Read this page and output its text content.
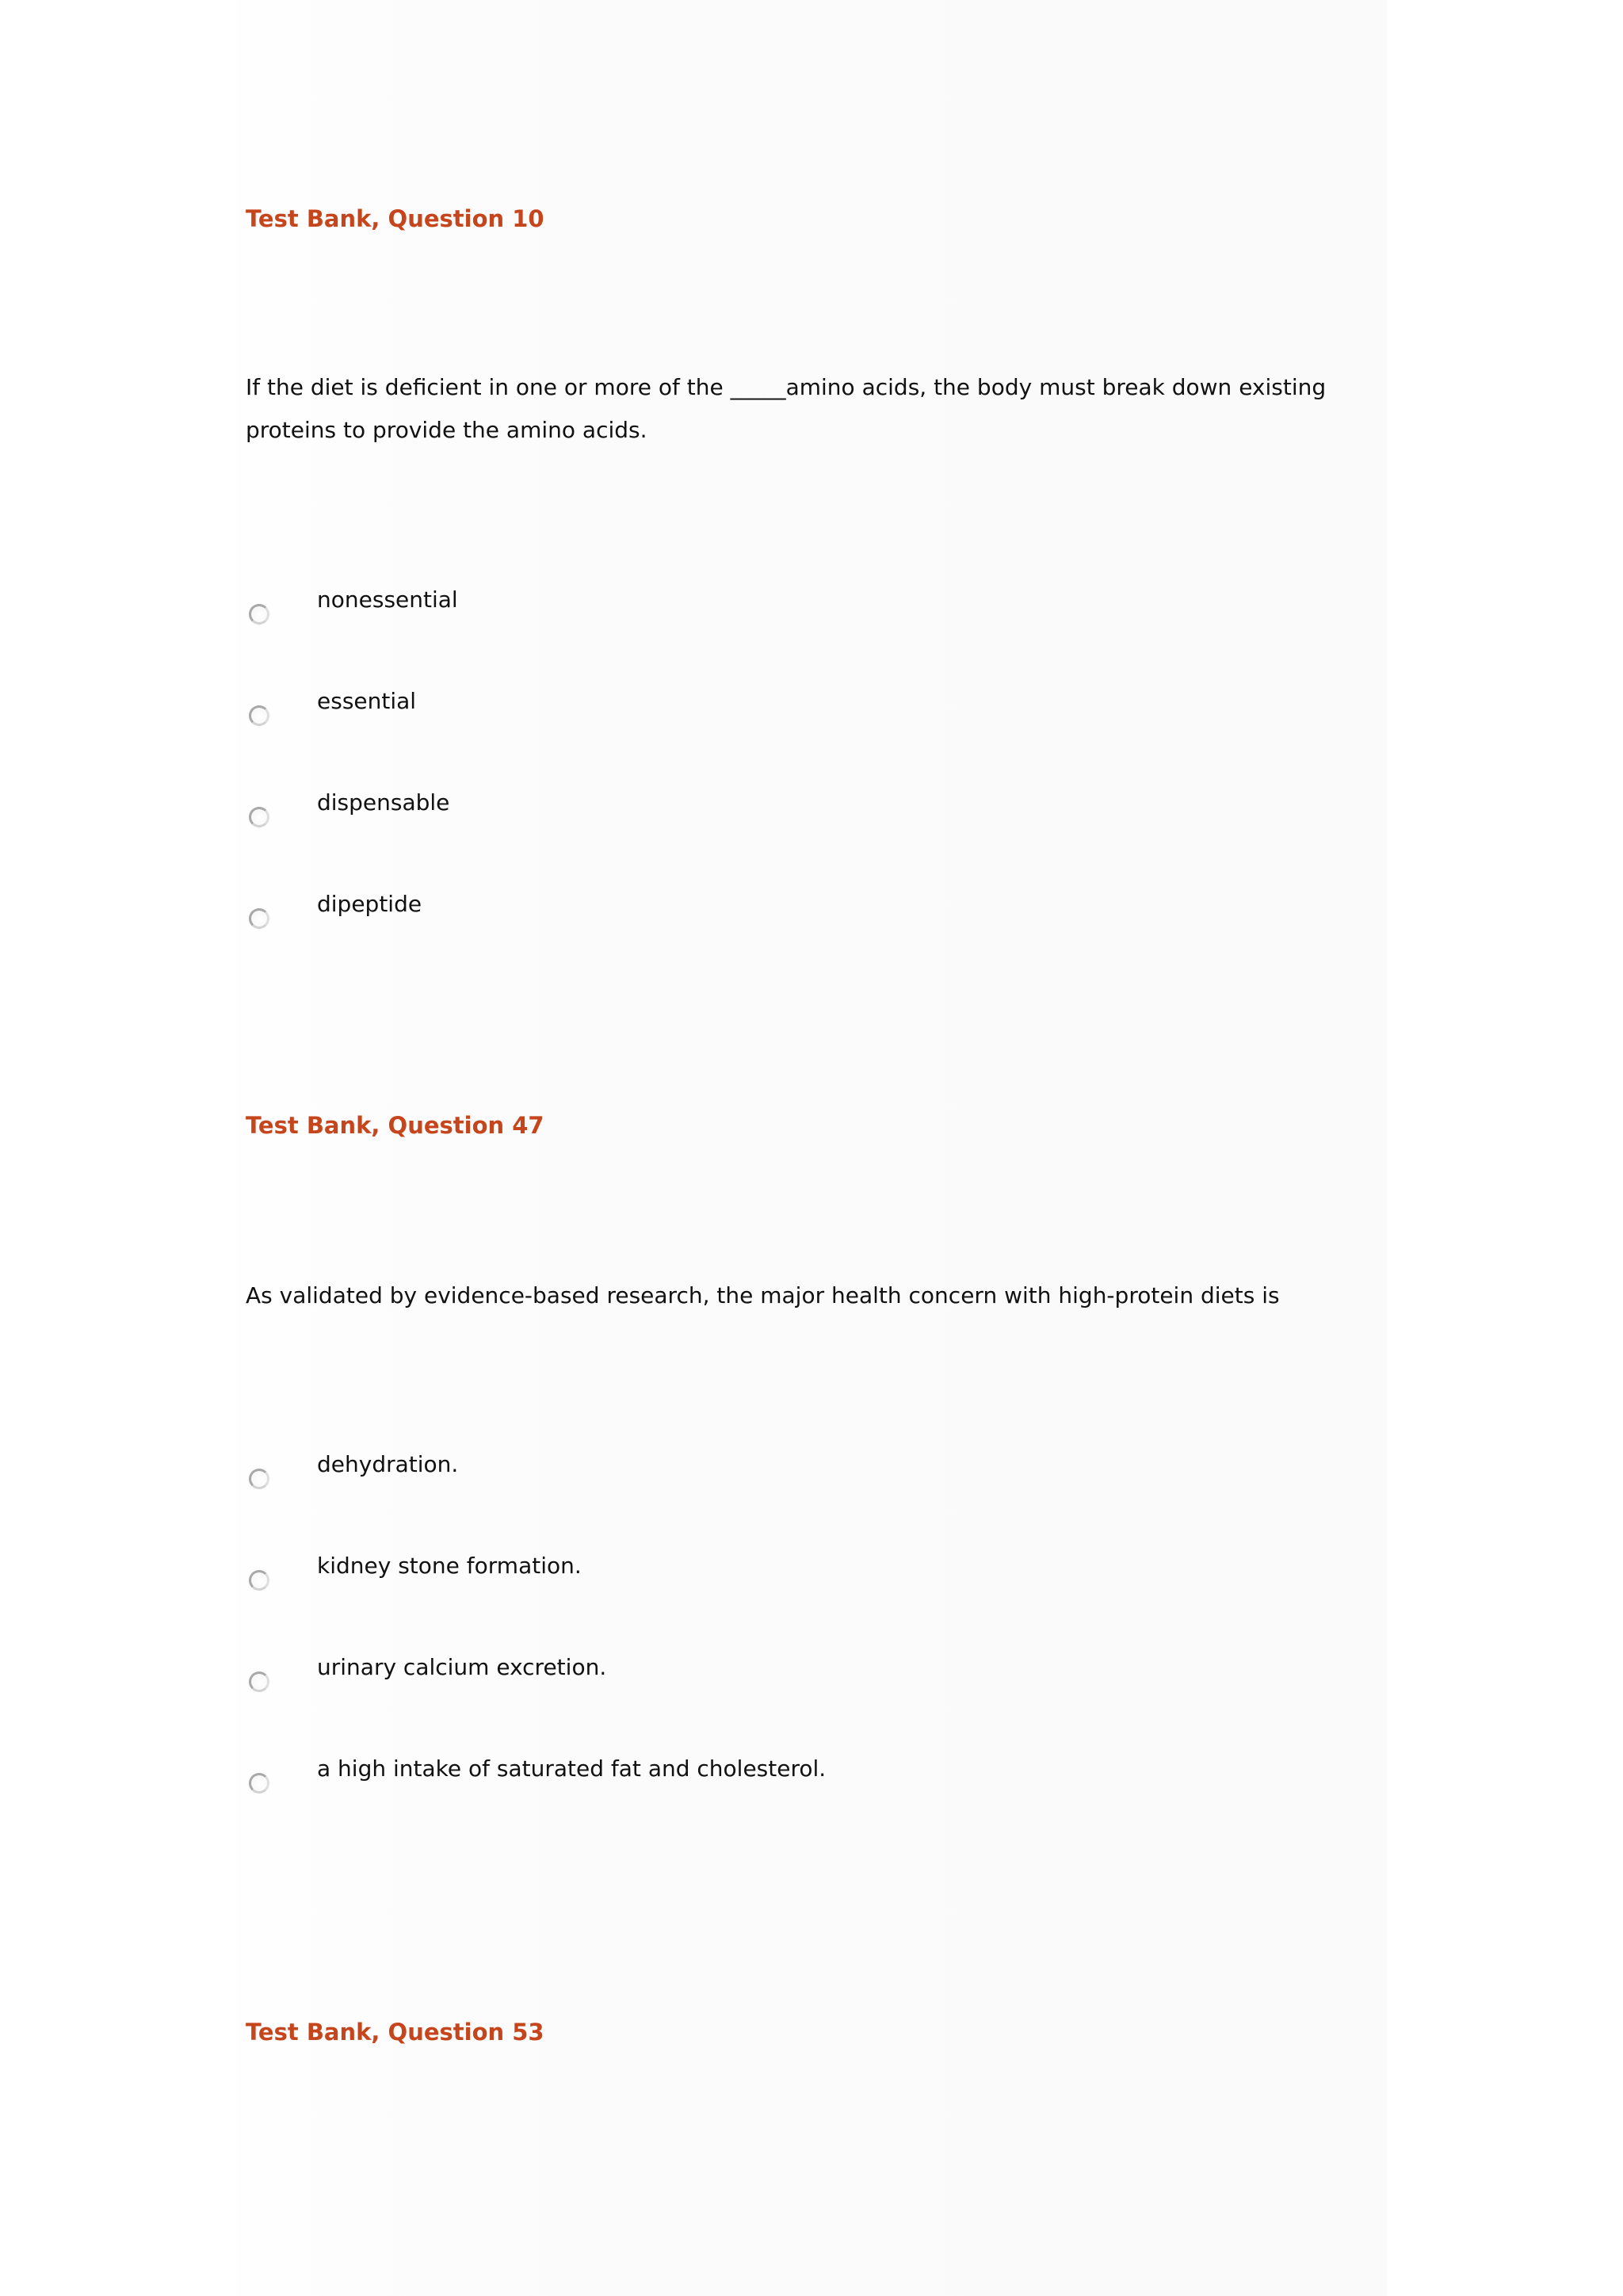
Test Bank, Question 10
If the diet is deficient in one or more of the _____amino acids, the body must break down existing proteins to provide the amino acids.
nonessential
essential
dispensable
dipeptide
Test Bank, Question 47
As validated by evidence-based research, the major health concern with high-protein diets is
dehydration.
kidney stone formation.
urinary calcium excretion.
a high intake of saturated fat and cholesterol.
Test Bank, Question 53
